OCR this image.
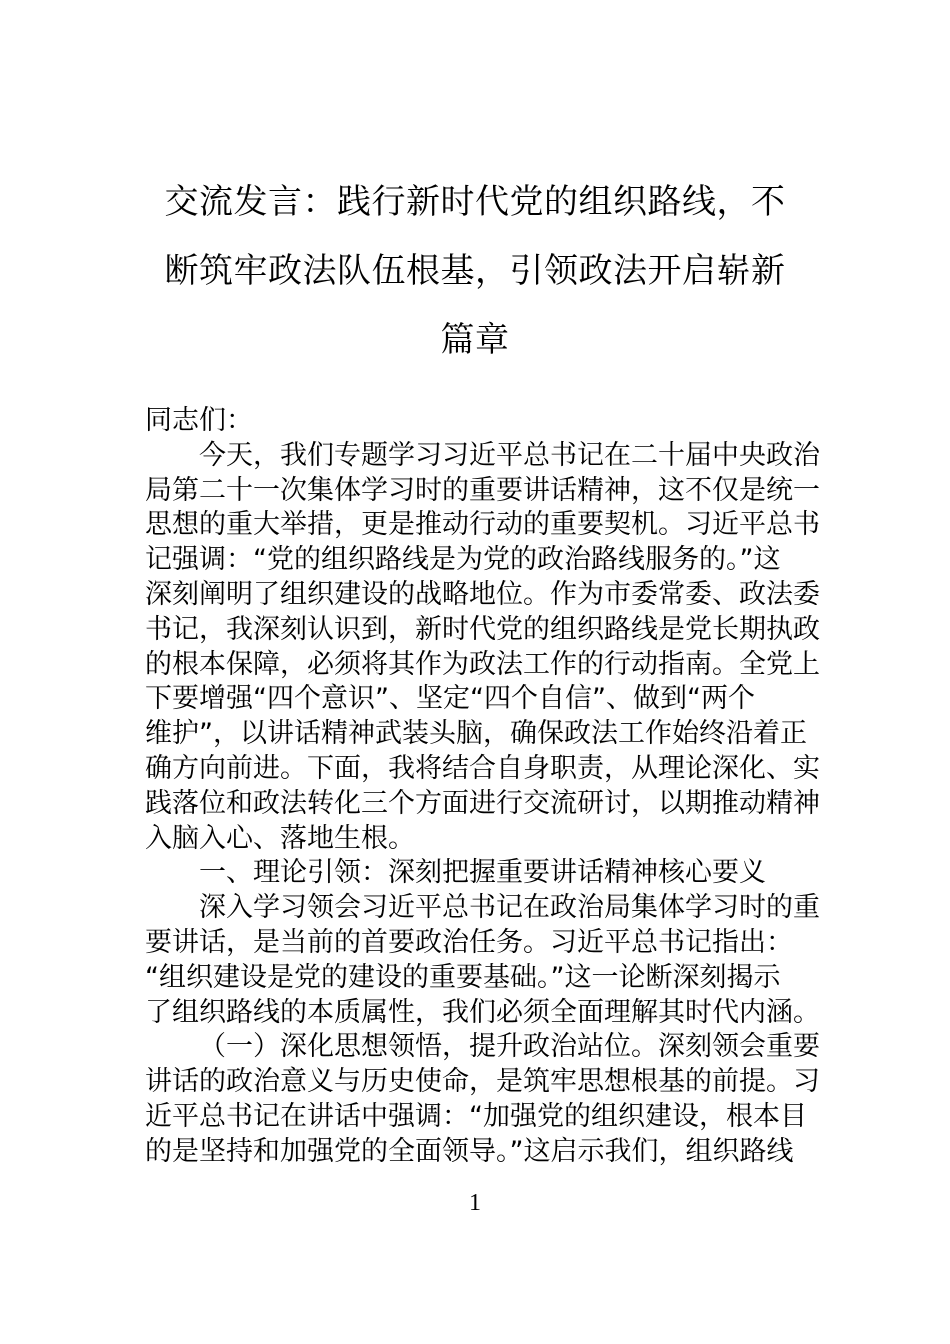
交流发言：践行新时代党的组织路线，不
断筑牢政法队伍根基，引领政法开启崭新
篇章
同志们：
今天，我们专题学习习近平总书记在二十届中央政治
局第二十一次集体学习时的重要讲话精神，这不仅是统一
思想的重大举措，更是推动行动的重要契机。习近平总书
记强调：“党的组织路线是为党的政治路线服务的。”这
深刻阐明了组织建设的战略地位。作为市委常委、政法委
书记，我深刻认识到，新时代党的组织路线是党长期执政
的根本保障，必须将其作为政法工作的行动指南。全党上
下要增强“四个意识”、坚定“四个自信”、做到“两个
维护”，以讲话精神武装头脑，确保政法工作始终沿着正
确方向前进。下面，我将结合自身职责，从理论深化、实
践落位和政法转化三个方面进行交流研讨，以期推动精神
入脑入心、落地生根。
一、理论引领：深刻把握重要讲话精神核心要义
深入学习领会习近平总书记在政治局集体学习时的重
要讲话，是当前的首要政治任务。习近平总书记指出：
“组织建设是党的建设的重要基础。”这一论断深刻揭示
了组织路线的本质属性，我们必须全面理解其时代内涵。
（一）深化思想领悟，提升政治站位。深刻领会重要
讲话的政治意义与历史使命，是筑牢思想根基的前提。习
近平总书记在讲话中强调：“加强党的组织建设，根本目
的是坚持和加强党的全面领导。”这启示我们，组织路线
1
